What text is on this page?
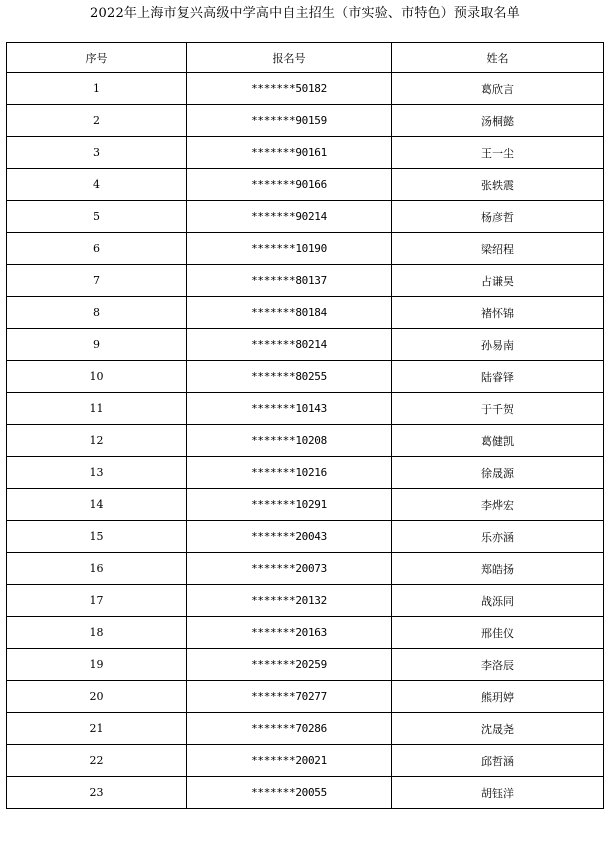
2022年上海市复兴高级中学高中自主招生（市实验、市特色）预录取名单
序号	报名号	姓名
1	*******50182	葛欣言
2	*******90159	汤桐懿
3	*******90161	王一尘
4	*******90166	张轶震
5	*******90214	杨彦哲
6	*******10190	梁绍程
7	*******80137	占谦昊
8	*******80184	褚怀锦
9	*******80214	孙易南
10	*******80255	陆睿铎
11	*******10143	于千贺
12	*******10208	葛健凯
13	*******10216	徐晟源
14	*******10291	李烨宏
15	*******20043	乐亦涵
16	*******20073	郑皓扬
17	*******20132	战泺同
18	*******20163	邢佳仪
19	*******20259	李洛辰
20	*******70277	熊玥婷
21	*******70286	沈晟尧
22	*******20021	邱哲涵
23	*******20055	胡钰洋
